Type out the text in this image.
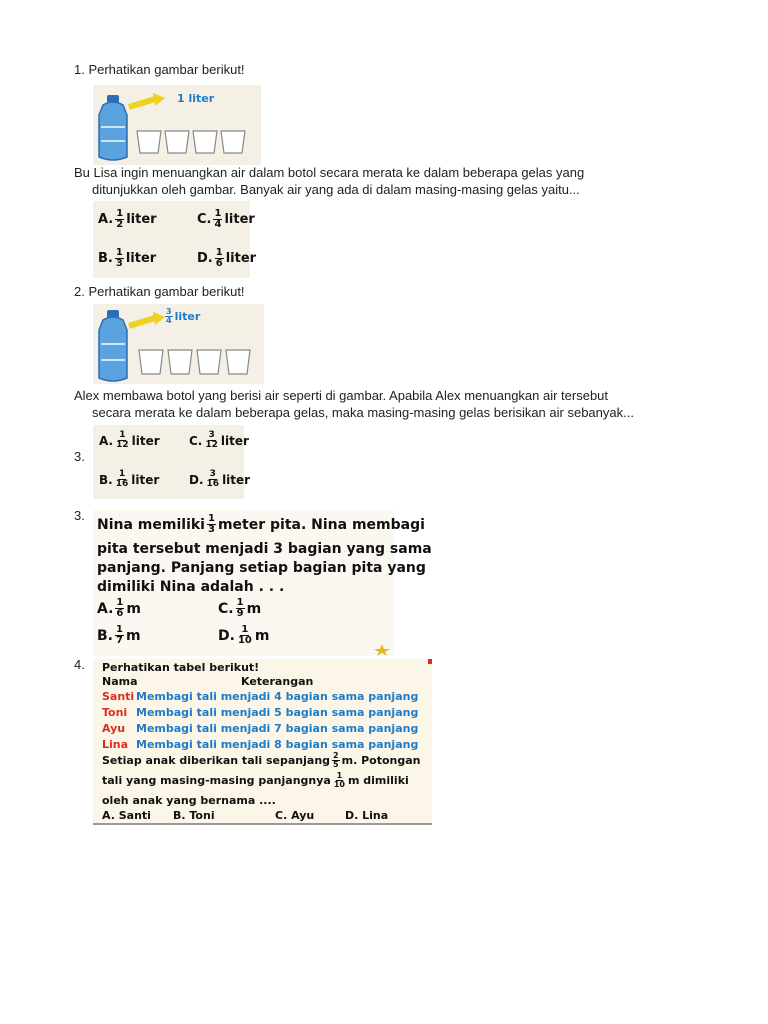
1. Perhatikan gambar berikut!
1 liter
Bu Lisa ingin menuangkan air dalam botol secara merata ke dalam beberapa gelas yang
ditunjukkan oleh gambar. Banyak air yang ada di dalam masing-masing gelas yaitu...
A. $\frac{1}{2}$ liter	C. $\frac{1}{4}$ liter
B. $\frac{1}{3}$ liter	D. $\frac{1}{6}$ liter
2. Perhatikan gambar berikut!
$\frac{3}{4}$ liter
Alex membawa botol yang berisi air seperti di gambar. Apabila Alex menuangkan air tersebut
secara merata ke dalam beberapa gelas, maka masing-masing gelas berisikan air sebanyak...
3.
A. $\frac{1}{12}$ liter C. $\frac{3}{12}$ liter
B. $\frac{1}{16}$ liter D. $\frac{3}{16}$ liter
3.
Nina memiliki $\frac{1}{3}$ meter pita. Nina membagi
pita tersebut menjadi 3 bagian yang sama
panjang. Panjang setiap bagian pita yang
dimiliki Nina adalah . . .
A. $\frac{1}{6}$ m	C. $\frac{1}{9}$ m
B. $\frac{1}{7}$ m	D. $\frac{1}{10}$ m
4. Perhatikan tabel berikut!
Nama	Keterangan
Santi Membagi tali menjadi 4 bagian sama panjang
Toni Membagi tali menjadi 5 bagian sama panjang
Ayu Membagi tali menjadi 7 bagian sama panjang
Lina Membagi tali menjadi 8 bagian sama panjang
Setiap anak diberikan tali sepanjang $\frac{2}{5} m$. Potongan
tali yang masing-masing panjangnya $\frac{1}{10}$ m dimiliki
oleh anak yang bernama ....
A. Santi B. Toni	C. Ayu	D. Lina
